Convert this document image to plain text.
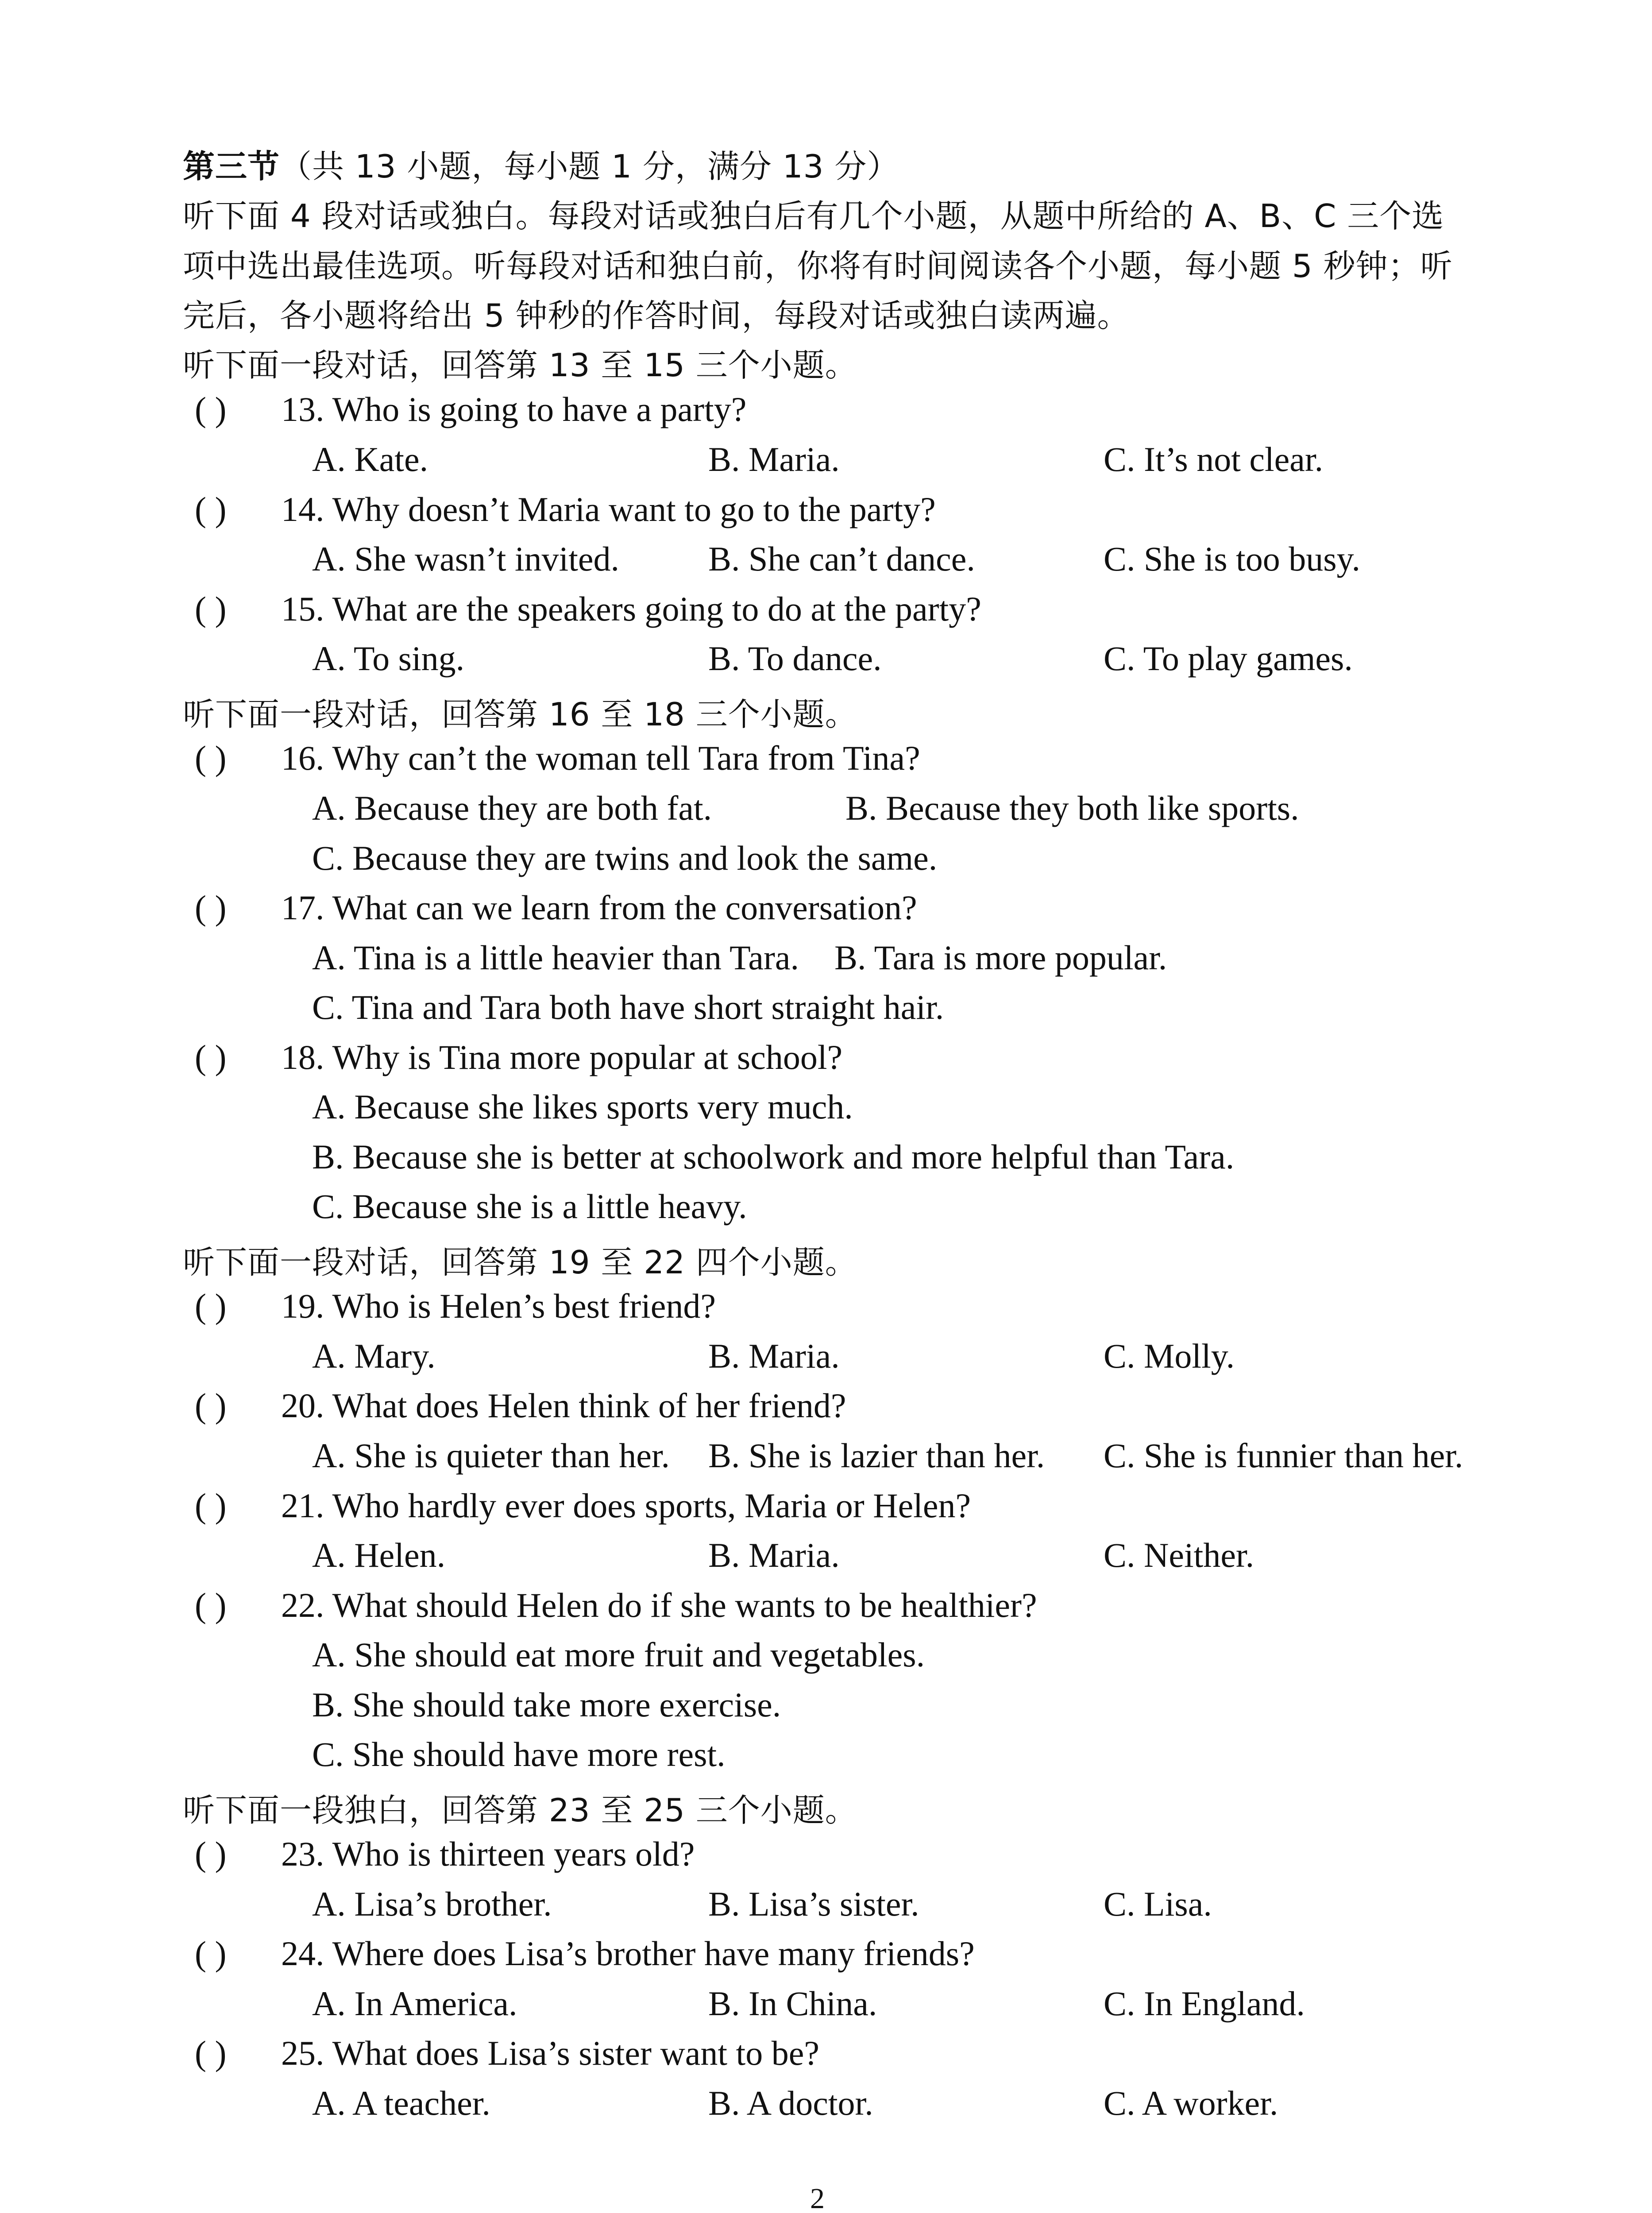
第三节（共 13 小题，每小题 1 分，满分 13 分）
听下面 4 段对话或独白。每段对话或独白后有几个小题，从题中所给的 A、B、C 三个选
项中选出最佳选项。听每段对话和独白前，你将有时间阅读各个小题，每小题 5 秒钟；听
完后，各小题将给出 5 钟秒的作答时间，每段对话或独白读两遍。
听下面一段对话，回答第 13 至 15 三个小题。
( ) 13. Who is going to have a party?
A. Kate.	B. Maria.	C. It’s not clear.
( ) 14. Why doesn’t Maria want to go to the party?
A. She wasn’t invited.	B. She can’t dance.	C. She is too busy.
( ) 15. What are the speakers going to do at the party?
A. To sing.	B. To dance.	C. To play games.
听下面一段对话，回答第 16 至 18 三个小题。
( ) 16. Why can’t the woman tell Tara from Tina?
A. Because they are both fat.	B. Because they both like sports.
C. Because they are twins and look the same.
( ) 17. What can we learn from the conversation?
A. Tina is a little heavier than Tara. B. Tara is more popular.
C. Tina and Tara both have short straight hair.
( ) 18. Why is Tina more popular at school?
A. Because she likes sports very much.
B. Because she is better at schoolwork and more helpful than Tara.
C. Because she is a little heavy.
听下面一段对话，回答第 19 至 22 四个小题。
( ) 19. Who is Helen’s best friend?
A. Mary.	B. Maria.	C. Molly.
( ) 20. What does Helen think of her friend?
A. She is quieter than her. B. She is lazier than her. C. She is funnier than her.
( ) 21. Who hardly ever does sports, Maria or Helen?
A. Helen.	B. Maria.	C. Neither.
( ) 22. What should Helen do if she wants to be healthier?
A. She should eat more fruit and vegetables.
B. She should take more exercise.
C. She should have more rest.
听下面一段独白，回答第 23 至 25 三个小题。
( ) 23. Who is thirteen years old?
A. Lisa’s brother.	B. Lisa’s sister.	C. Lisa.
( ) 24. Where does Lisa’s brother have many friends?
A. In America.	B. In China.	C. In England.
( ) 25. What does Lisa’s sister want to be?
A. A teacher.	B. A doctor.	C. A worker.
2
